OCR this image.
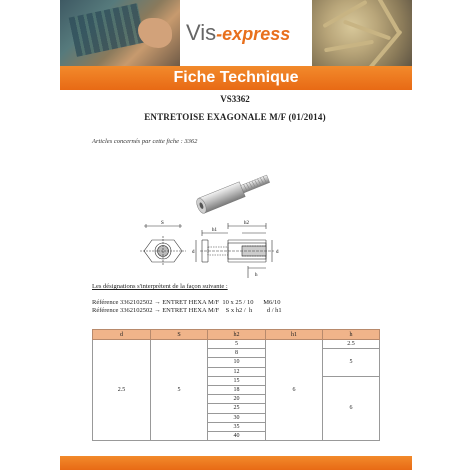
Vis-express
Fiche Technique
VS3362
ENTRETOISE EXAGONALE M/F (01/2014)
Articles concernés par cette fiche : 3362
S
d
h1
h2
d
h
Les désignations s'interprètent de la façon suivante :
Référence 3362102502 → ENTRET HEXA M/F  10 x 25 / 10      M6/10
Référence 3362102502 → ENTRET HEXA M/F    S x h2 /  h         d / h1
d	S	h2	h1	h
2.5	5	5	6	2.5
		8		5
		10		
		12		
		15		6
		18		
		20		
		25		
		30		
		35		
		40		
